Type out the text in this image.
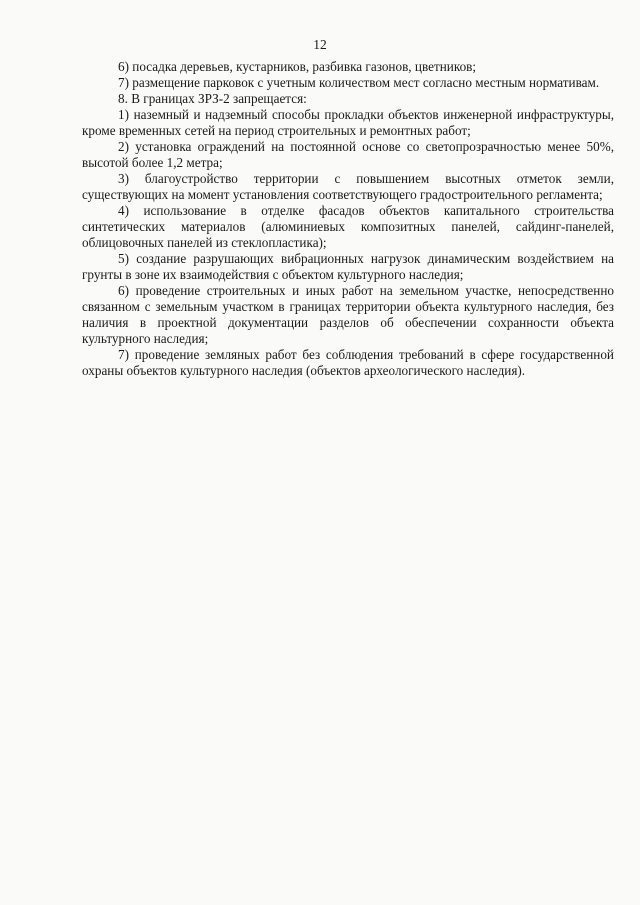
12

6) посадка деревьев, кустарников, разбивка газонов, цветников;

7) размещение парковок с учетным количеством мест согласно местным нормативам.

8. В границах ЗРЗ-2 запрещается:

1) наземный и надземный способы прокладки объектов инженерной инфраструктуры, кроме временных сетей на период строительных и ремонтных работ;

2) установка ограждений на постоянной основе со светопрозрачностью менее 50%, высотой более 1,2 метра;

3) благоустройство территории с повышением высотных отметок земли, существующих на момент установления соответствующего градостроительного регламента;

4) использование в отделке фасадов объектов капитального строительства синтетических материалов (алюминиевых композитных панелей, сайдинг-панелей, облицовочных панелей из стеклопластика);

5) создание разрушающих вибрационных нагрузок динамическим воздействием на грунты в зоне их взаимодействия с объектом культурного наследия;

6) проведение строительных и иных работ на земельном участке, непосредственно связанном с земельным участком в границах территории объекта культурного наследия, без наличия в проектной документации разделов об обеспечении сохранности объекта культурного наследия;

7) проведение земляных работ без соблюдения требований в сфере государственной охраны объектов культурного наследия (объектов археологического наследия).
